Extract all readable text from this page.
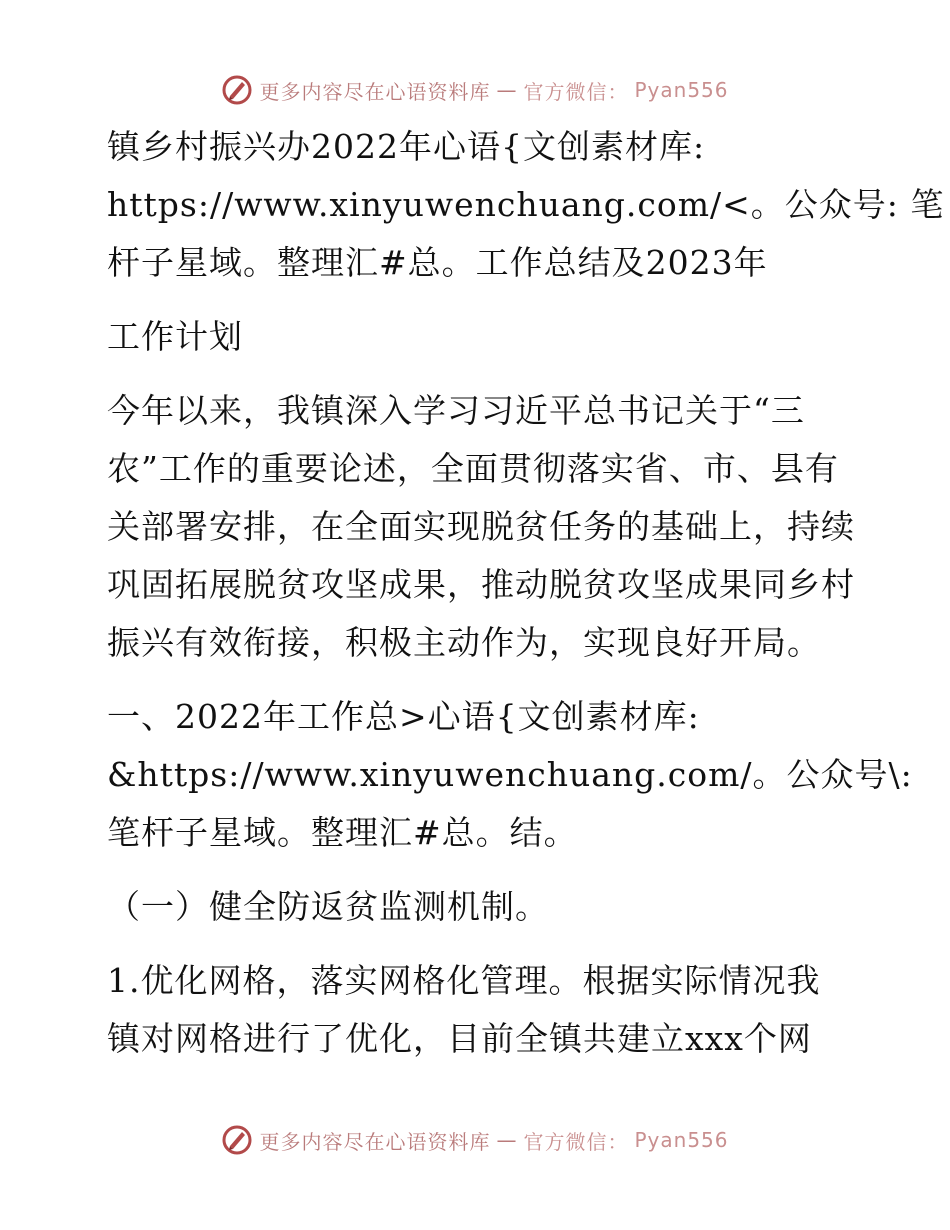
更多内容尽在心语资料库 — 官方微信： Pyan556

镇乡村振兴办2022年心语{文创素材库:
https://www.xinyuwenchuang.com/<。公众号: 笔
杆子星域。整理汇#总。工作总结及2023年

工作计划

今年以来，我镇深入学习习近平总书记关于“三
农”工作的重要论述，全面贯彻落实省、市、县有
关部署安排，在全面实现脱贫任务的基础上，持续
巩固拓展脱贫攻坚成果，推动脱贫攻坚成果同乡村
振兴有效衔接，积极主动作为，实现良好开局。

一、2022年工作总>心语{文创素材库:
&https://www.xinyuwenchuang.com/。公众号\:
笔杆子星域。整理汇#总。结。

（一）健全防返贫监测机制。

1.优化网格，落实网格化管理。根据实际情况我
镇对网格进行了优化，目前全镇共建立xxx个网

更多内容尽在心语资料库 — 官方微信： Pyan556
